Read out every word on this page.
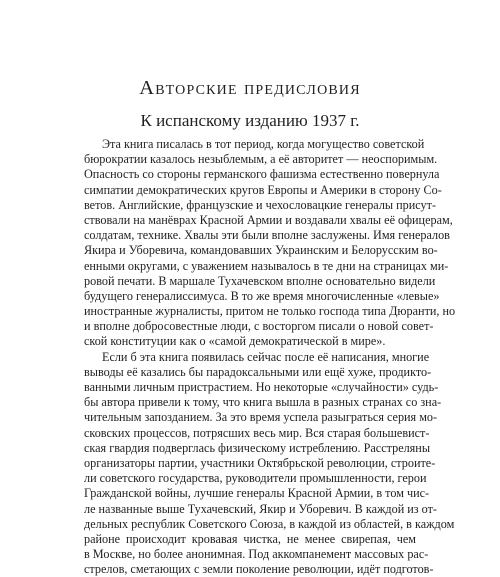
Авторские предисловия
К испанскому изданию 1937 г.
Эта книга писалась в тот период, когда могущество советской
бюрократии казалось незыблемым, а её авторитет — неоспоримым.
Опасность со стороны германского фашизма естественно повернула
симпатии демократических кругов Европы и Америки в сторону Со-
ветов. Английские, французские и чехословацкие генералы присут-
ствовали на манёврах Красной Армии и воздавали хвалы её офицерам,
солдатам, технике. Хвалы эти были вполне заслужены. Имя генералов
Якира и Уборевича, командовавших Украинским и Белорусским во-
енными округами, с уважением называлось в те дни на страницах ми-
ровой печати. В маршале Тухачевском вполне основательно видели
будущего генералиссимуса. В то же время многочисленные «левые»
иностранные журналисты, притом не только господа типа Дюранти, но
и вполне добросовестные люди, с восторгом писали о новой совет-
ской конституции как о «самой демократической в мире».
Если б эта книга появилась сейчас после её написания, многие
выводы её казались бы парадоксальными или ещё хуже, продикто-
ванными личным пристрастием. Но некоторые «случайности» судь-
бы автора привели к тому, что книга вышла в разных странах со зна-
чительным запозданием. За это время успела разыграться серия мо-
сковских процессов, потрясших весь мир. Вся старая большевист-
ская гвардия подверглась физическому истреблению. Расстреляны
организаторы партии, участники Октябрьской революции, строите-
ли советского государства, руководители промышленности, герои
Гражданской войны, лучшие генералы Красной Армии, в том чис-
ле названные выше Тухачевский, Якир и Уборевич. В каждой из от-
дельных республик Советского Союза, в каждой из областей, в каждом
районе происходит кровавая чистка, не менее свирепая, чем
в Москве, но более анонимная. Под аккомпанемент массовых рас-
стрелов, сметающих с земли поколение революции, идёт подготов-
